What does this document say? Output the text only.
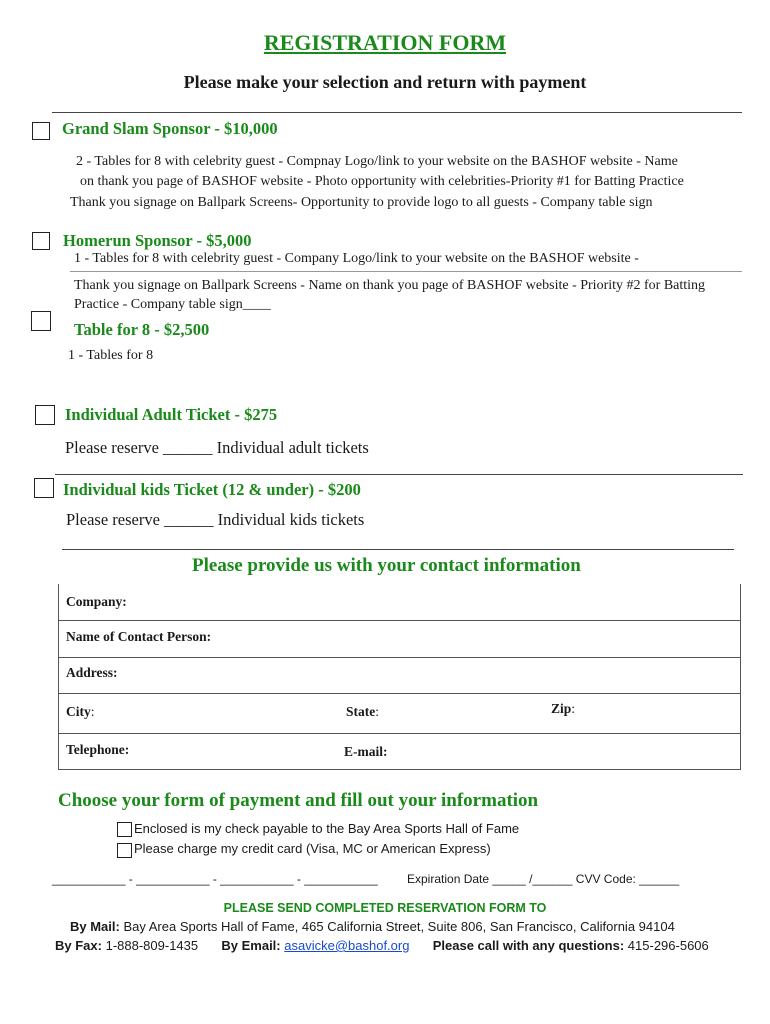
REGISTRATION FORM
Please make your selection and return with payment
Grand Slam Sponsor - $10,000
2 - Tables for 8 with celebrity guest - Compnay Logo/link to your website on the BASHOF website - Name
on thank you page of BASHOF website - Photo opportunity with celebrities-Priority #1 for Batting Practice
Thank you signage on Ballpark Screens- Opportunity to provide logo to all guests - Company table sign
Homerun Sponsor - $5,000
1 - Tables for 8 with celebrity guest - Company Logo/link to your website on the BASHOF website -
Thank you signage on Ballpark Screens - Name on thank you page of BASHOF website - Priority #2 for Batting
Practice - Company table sign____
Table for 8 - $2,500
1 - Tables for 8
Individual Adult Ticket - $275
Please reserve ______ Individual adult tickets
Individual kids Ticket (12 & under) - $200
Please reserve ______ Individual kids tickets
Please provide us with your contact information
Company:
Name of Contact Person:
Address:
City:	State:	Zip:
Telephone:	E-mail:
Choose your form of payment and fill out your information
Enclosed is my check payable to the Bay Area Sports Hall of Fame
Please charge my credit card (Visa, MC or American Express)
___________ - ___________ - ___________ - ___________ Expiration Date _____ /______ CVV Code: ______
PLEASE SEND COMPLETED RESERVATION FORM TO
By Mail: Bay Area Sports Hall of Fame, 465 California Street, Suite 806, San Francisco, California 94104
By Fax: 1-888-809-1435 By Email: asavicke@bashof.org Please call with any questions: 415-296-5606
